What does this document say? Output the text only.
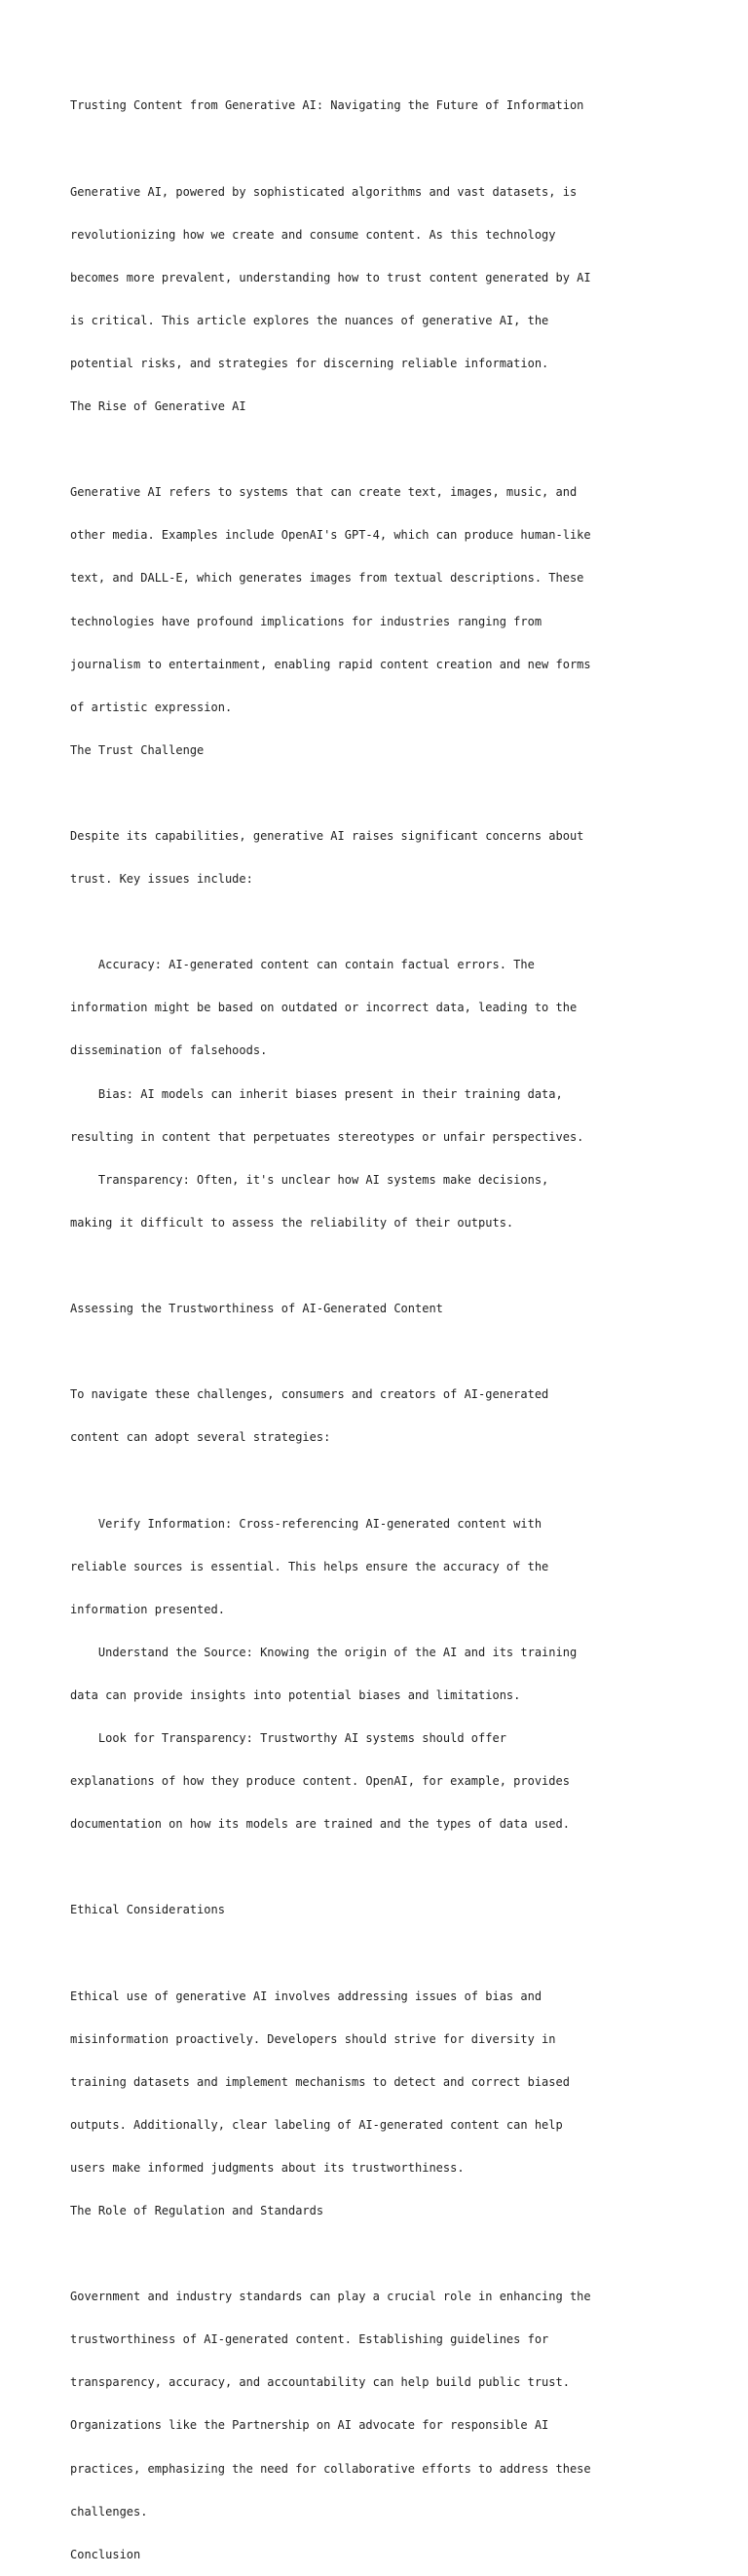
Trusting Content from Generative AI: Navigating the Future of Information

Generative AI, powered by sophisticated algorithms and vast datasets, is

revolutionizing how we create and consume content. As this technology

becomes more prevalent, understanding how to trust content generated by AI

is critical. This article explores the nuances of generative AI, the

potential risks, and strategies for discerning reliable information.

The Rise of Generative AI

Generative AI refers to systems that can create text, images, music, and

other media. Examples include OpenAI's GPT-4, which can produce human-like

text, and DALL-E, which generates images from textual descriptions. These

technologies have profound implications for industries ranging from

journalism to entertainment, enabling rapid content creation and new forms

of artistic expression.

The Trust Challenge

Despite its capabilities, generative AI raises significant concerns about

trust. Key issues include:

Accuracy: AI-generated content can contain factual errors. The

information might be based on outdated or incorrect data, leading to the

dissemination of falsehoods.

Bias: AI models can inherit biases present in their training data,

resulting in content that perpetuates stereotypes or unfair perspectives.

Transparency: Often, it's unclear how AI systems make decisions,

making it difficult to assess the reliability of their outputs.

Assessing the Trustworthiness of AI-Generated Content

To navigate these challenges, consumers and creators of AI-generated

content can adopt several strategies:

Verify Information: Cross-referencing AI-generated content with

reliable sources is essential. This helps ensure the accuracy of the

information presented.

Understand the Source: Knowing the origin of the AI and its training

data can provide insights into potential biases and limitations.

Look for Transparency: Trustworthy AI systems should offer

explanations of how they produce content. OpenAI, for example, provides

documentation on how its models are trained and the types of data used.

Ethical Considerations

Ethical use of generative AI involves addressing issues of bias and

misinformation proactively. Developers should strive for diversity in

training datasets and implement mechanisms to detect and correct biased

outputs. Additionally, clear labeling of AI-generated content can help

users make informed judgments about its trustworthiness.

The Role of Regulation and Standards

Government and industry standards can play a crucial role in enhancing the

trustworthiness of AI-generated content. Establishing guidelines for

transparency, accuracy, and accountability can help build public trust.

Organizations like the Partnership on AI advocate for responsible AI

practices, emphasizing the need for collaborative efforts to address these

challenges.

Conclusion
